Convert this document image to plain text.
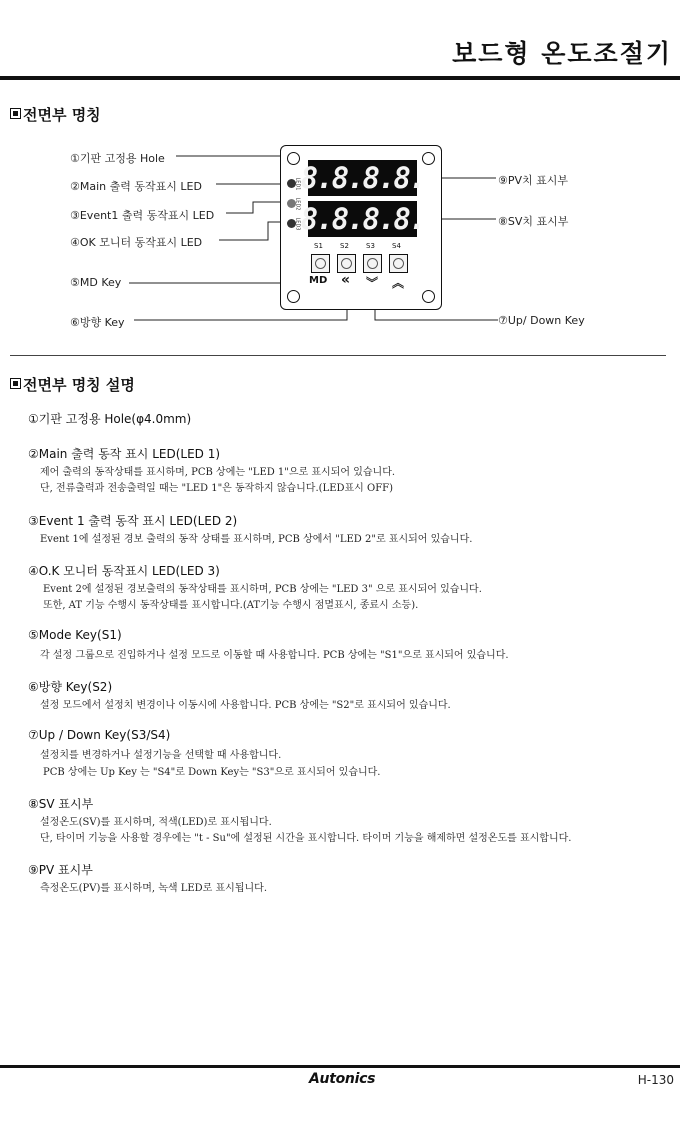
보드형 온도조절기
전면부 명칭
①기판 고정용 Hole
②Main 출력 동작표시 LED
③Event1 출력 동작표시 LED
④OK 모니터 동작표시 LED
⑤MD Key
⑥방향 Key
⑨PV치 표시부
⑧SV치 표시부
⑦Up/ Down Key
LED1
LED2
LED3
8.8.8.8.
8.8.8.8.
S1 S2 S3 S4
MD « ︾ ︽
전면부 명칭 설명
①기판 고정용 Hole(φ4.0mm)
②Main 출력 동작 표시 LED(LED 1)
제어 출력의 동작상태를 표시하며, PCB 상에는 "LED 1"으로 표시되어 있습니다.
단, 전류출력과 전송출력일 때는 "LED 1"은 동작하지 않습니다.(LED표시 OFF)
③Event 1 출력 동작 표시 LED(LED 2)
Event 1에 설정된 경보 출력의 동작 상태를 표시하며, PCB 상에서 "LED 2"로 표시되어 있습니다.
④O.K 모니터 동작표시 LED(LED 3)
Event 2에 설정된 경보출력의 동작상태를 표시하며, PCB 상에는 "LED 3" 으로 표시되어 있습니다.
또한, AT 기능 수행시 동작상태를 표시합니다.(AT기능 수행시 점멸표시, 종료시 소등).
⑤Mode Key(S1)
각 설정 그룹으로 진입하거나 설정 모드로 이동할 때 사용합니다. PCB 상에는 "S1"으로 표시되어 있습니다.
⑥방향 Key(S2)
설정 모드에서 설정치 변경이나 이동시에 사용합니다. PCB 상에는 "S2"로 표시되어 있습니다.
⑦Up / Down Key(S3/S4)
설정치를 변경하거나 설정기능을 선택할 때 사용합니다.
PCB 상에는 Up Key 는 "S4"로 Down Key는 "S3"으로 표시되어 있습니다.
⑧SV 표시부
설정온도(SV)를 표시하며, 적색(LED)로 표시됩니다.
단, 타이머 기능을 사용할 경우에는 "t - Su"에 설정된 시간을 표시합니다. 타이머 기능을 해제하면 설정온도를 표시합니다.
⑨PV 표시부
측정온도(PV)를 표시하며, 녹색 LED로 표시됩니다.
Autonics	H-130
